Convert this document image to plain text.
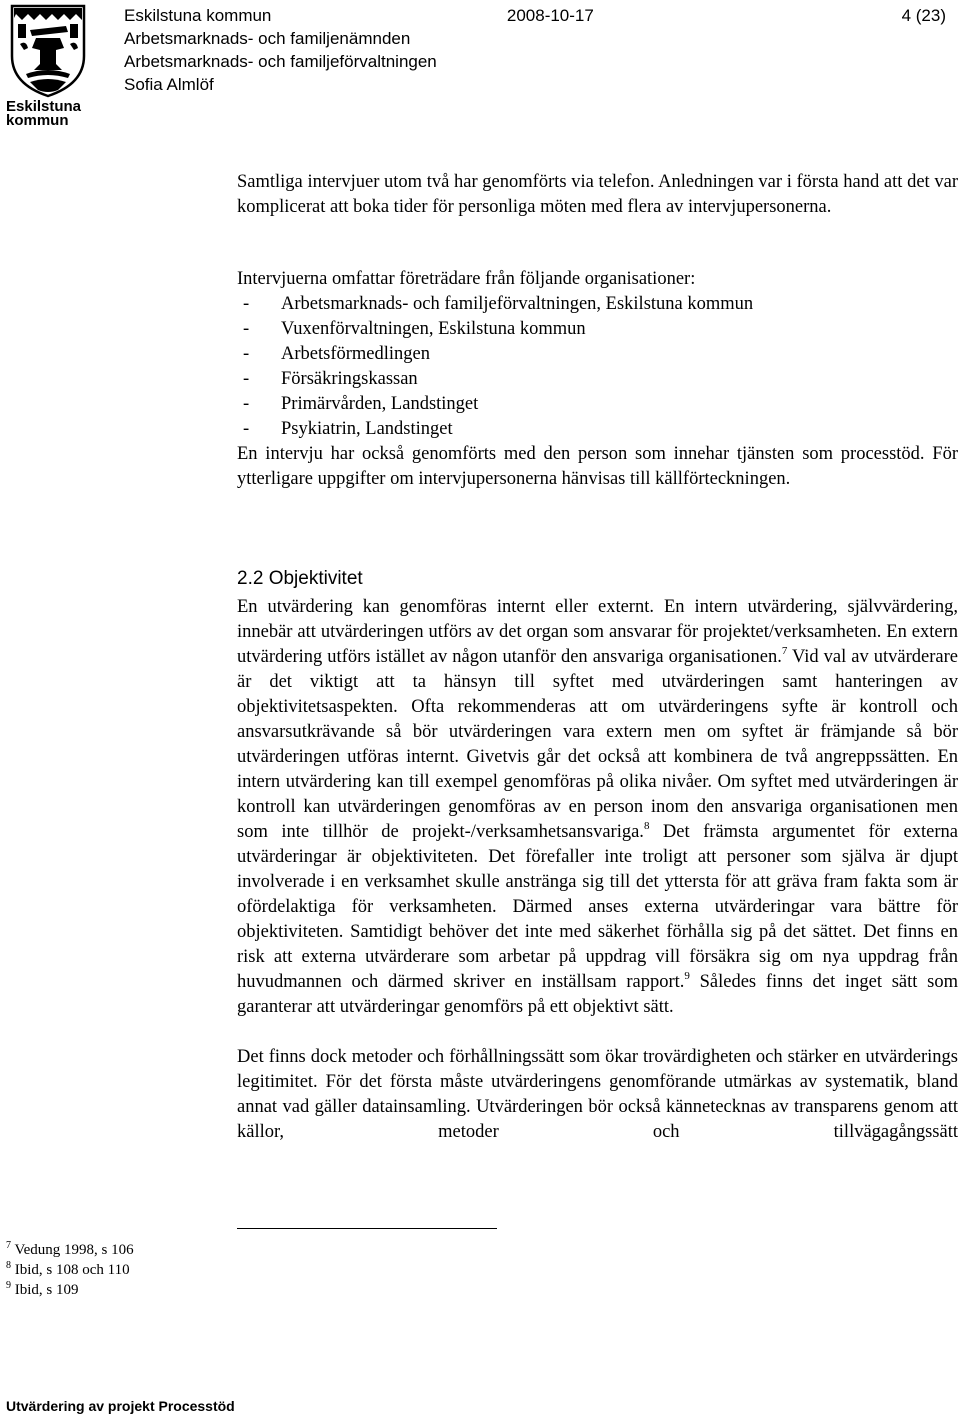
Eskilstuna
kommun
Eskilstuna kommun	2008-10-17	4 (23)
Arbetsmarknads- och familjenämnden
Arbetsmarknads- och familjeförvaltningen
Sofia Almlöf

Samtliga intervjuer utom två har genomförts via telefon. Anledningen var i första hand att det var komplicerat att boka tider för personliga möten med flera av intervjupersonerna.

Intervjuerna omfattar företrädare från följande organisationer:

- Arbetsmarknads- och familjeförvaltningen, Eskilstuna kommun
- Vuxenförvaltningen, Eskilstuna kommun
- Arbetsförmedlingen
- Försäkringskassan
- Primärvården, Landstinget
- Psykiatrin, Landstinget

En intervju har också genomförts med den person som innehar tjänsten som processtöd. För ytterligare uppgifter om intervjupersonerna hänvisas till källförteckningen.

2.2 Objektivitet

En utvärdering kan genomföras internt eller externt. En intern utvärdering, självvärdering, innebär att utvärderingen utförs av det organ som ansvarar för projektet/verksamheten. En extern utvärdering utförs istället av någon utanför den ansvariga organisationen.$^7$ Vid val av utvärderare är det viktigt att ta hänsyn till syftet med utvärderingen samt hanteringen av objektivitetsaspekten. Ofta rekommenderas att om utvärderingens syfte är kontroll och ansvarsutkrävande så bör utvärderingen vara extern men om syftet är främjande så bör utvärderingen utföras internt. Givetvis går det också att kombinera de två angreppssätten. En intern utvärdering kan till exempel genomföras på olika nivåer. Om syftet med utvärderingen är kontroll kan utvärderingen genomföras av en person inom den ansvariga organisationen men som inte tillhör de projekt-/verksamhetsansvariga.$^8$ Det främsta argumentet för externa utvärderingar är objektiviteten. Det förefaller inte troligt att personer som själva är djupt involverade i en verksamhet skulle anstränga sig till det yttersta för att gräva fram fakta som är ofördelaktiga för verksamheten. Därmed anses externa utvärderingar vara bättre för objektiviteten. Samtidigt behöver det inte med säkerhet förhålla sig på det sättet. Det finns en risk att externa utvärderare som arbetar på uppdrag vill försäkra sig om nya uppdrag från huvudmannen och därmed skriver en inställsam rapport.$^9$ Således finns det inget sätt som garanterar att utvärderingar genomförs på ett objektivt sätt.

Det finns dock metoder och förhållningssätt som ökar trovärdigheten och stärker en utvärderings legitimitet. För det första måste utvärderingens genomförande utmärkas av systematik, bland annat vad gäller datainsamling. Utvärderingen bör också kännetecknas av transparens genom att källor, metoder och tillvägagångssätt

$^7$ Vedung 1998, s 106
$^8$ Ibid, s 108 och 110
$^9$ Ibid, s 109
Utvärdering av projekt Processtöd
